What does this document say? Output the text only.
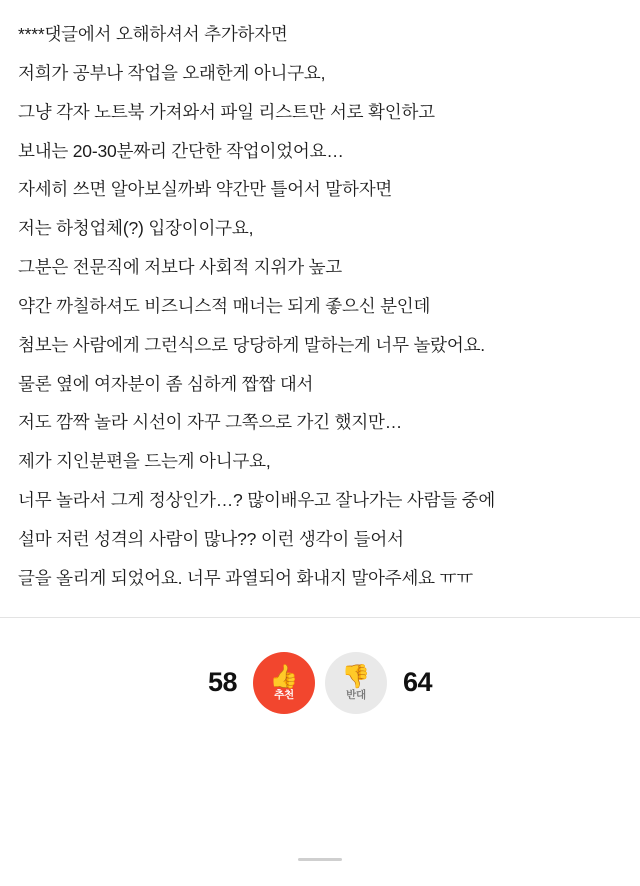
****댓글에서 오해하셔서 추가하자면

저희가 공부나 작업을 오래한게 아니구요,

그냥 각자 노트북 가져와서 파일 리스트만 서로 확인하고

보내는 20-30분짜리 간단한 작업이었어요…

자세히 쓰면 알아보실까봐 약간만 틀어서 말하자면

저는 하청업체(?) 입장이이구요,

그분은 전문직에 저보다 사회적 지위가 높고

약간 까칠하셔도 비즈니스적 매너는 되게 좋으신 분인데

첨보는 사람에게 그런식으로 당당하게 말하는게 너무 놀랐어요.

물론 옆에 여자분이 좀 심하게 짭짭 대서

저도 깜짝 놀라 시선이 자꾸 그쪽으로 가긴 했지만…

제가 지인분편을 드는게 아니구요,

너무 놀라서 그게 정상인가…? 많이배우고 잘나가는 사람들 중에

설마 저런 성격의 사람이 많나?? 이런 생각이 들어서

글을 올리게 되었어요. 너무 과열되어 화내지 말아주세요 ㅠㅠ

58 👍
추천
👎
반대 64
